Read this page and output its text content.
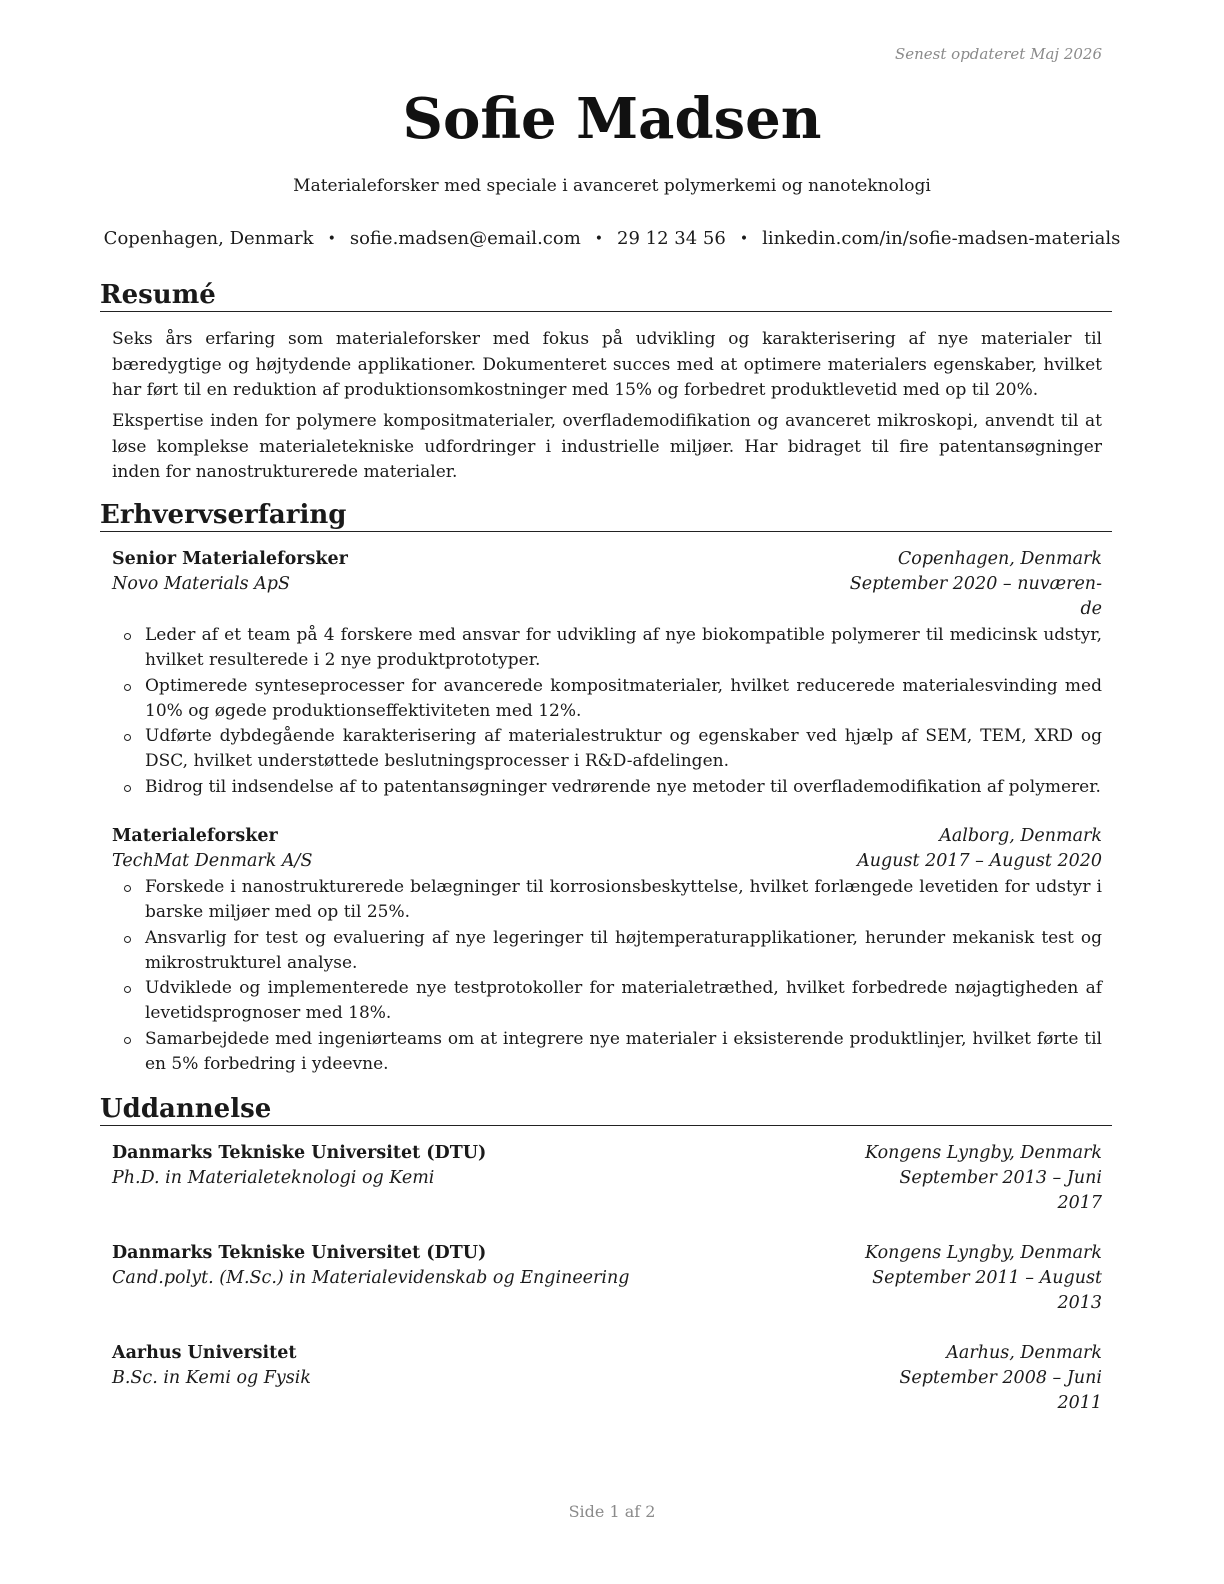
Senest opdateret Maj 2026
Sofie Madsen
Materialeforsker med speciale i avanceret polymerkemi og nanoteknologi
Copenhagen, Denmark • sofie.madsen@email.com • 29 12 34 56 • linkedin.com/in/sofie-madsen-materials
Resumé

Seks års erfaring som materialeforsker med fokus på udvikling og karakterisering af nye materialer til bæredygtige og højtydende applikationer. Dokumenteret succes med at optimere materialers egenskaber, hvilket har ført til en reduktion af produktionsomkostninger med 15% og forbedret produktlevetid med op til 20%.

Ekspertise inden for polymere kompositmaterialer, overflademodifikation og avanceret mikroskopi, anvendt til at løse komplekse materialetekniske udfordringer i industrielle miljøer. Har bidraget til fire patentansøgninger inden for nanostrukturerede materialer.

Erhvervserfaring
Senior Materialeforsker	Copenhagen, Denmark
Novo Materials ApS	September 2020 – nuværen-
de
Leder af et team på 4 forskere med ansvar for udvikling af nye biokompatible polymerer til medicinsk udstyr, hvilket resulterede i 2 nye produktprototyper.
Optimerede synteseprocesser for avancerede kompositmaterialer, hvilket reducerede materialesvinding med 10% og øgede produktionseffektiviteten med 12%.
Udførte dybdegående karakterisering af materialestruktur og egenskaber ved hjælp af SEM, TEM, XRD og DSC, hvilket understøttede beslutningsprocesser i R&D-afdelingen.
Bidrog til indsendelse af to patentansøgninger vedrørende nye metoder til overflademodifikation af polymerer.
Materialeforsker	Aalborg, Denmark
TechMat Denmark A/S	August 2017 – August 2020
Forskede i nanostrukturerede belægninger til korrosionsbeskyttelse, hvilket forlængede levetiden for udstyr i barske miljøer med op til 25%.
Ansvarlig for test og evaluering af nye legeringer til højtemperaturapplikationer, herunder mekanisk test og mikrostrukturel analyse.
Udviklede og implementerede nye testprotokoller for materialetræthed, hvilket forbedrede nøjagtigheden af levetidsprognoser med 18%.
Samarbejdede med ingeniørteams om at integrere nye materialer i eksisterende produktlinjer, hvilket førte til en 5% forbedring i ydeevne.
Uddannelse
Danmarks Tekniske Universitet (DTU)	Kongens Lyngby, Denmark
Ph.D. in Materialeteknologi og Kemi	September 2013 – Juni
2017
Danmarks Tekniske Universitet (DTU)	Kongens Lyngby, Denmark
Cand.polyt. (M.Sc.) in Materialevidenskab og Engineering	September 2011 – August
2013
Aarhus Universitet	Aarhus, Denmark
B.Sc. in Kemi og Fysik	September 2008 – Juni
2011
Side 1 af 2
